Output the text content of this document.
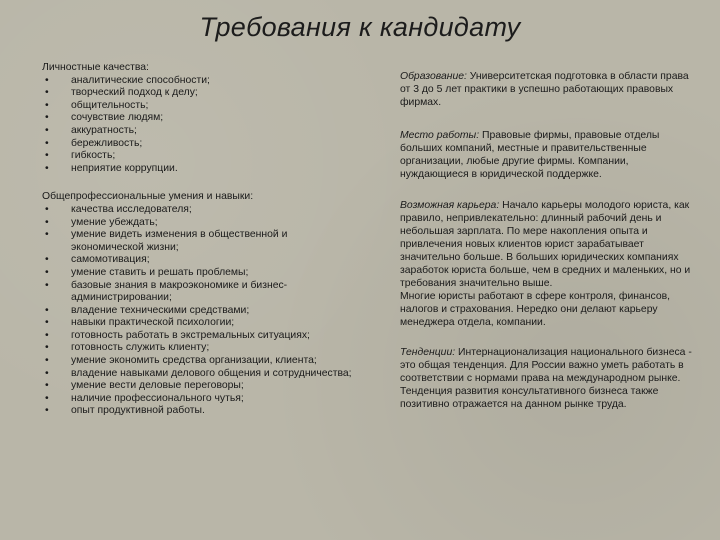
Требования к кандидату

Личностные качества:

• аналитические способности;
• творческий подход к делу;
• общительность;
• сочувствие людям;
• аккуратность;
• бережливость;
• гибкость;
• неприятие коррупции.

Общепрофессиональные умения и навыки:

• качества исследователя;
• умение убеждать;
• умение видеть изменения в общественной и экономической жизни;
• самомотивация;
• умение ставить и решать проблемы;
• базовые знания в макроэкономике и бизнес-администрировании;
• владение техническими средствами;
• навыки практической психологии;
• готовность работать в экстремальных ситуациях;
• готовность служить клиенту;
• умение экономить средства организации, клиента;
• владение навыками делового общения и сотрудничества;
• умение вести деловые переговоры;
• наличие профессионального чутья;
• опыт продуктивной работы.

Образование: Университетская подготовка в области права от 3 до 5 лет практики в успешно работающих правовых фирмах.

Место работы: Правовые фирмы, правовые отделы больших компаний, местные и правительственные организации, любые другие фирмы. Компании, нуждающиеся в юридической поддержке.

Возможная карьера: Начало карьеры молодого юриста, как правило, непривлекательно: длинный рабочий день и небольшая зарплата. По мере накопления опыта и привлечения новых клиентов юрист зарабатывает значительно больше. В больших юридических компаниях заработок юриста больше, чем в средних и маленьких, но и требования значительно выше.

Многие юристы работают в сфере контроля, финансов, налогов и страхования. Нередко они делают карьеру менеджера отдела, компании.

Тенденции: Интернационализация национального бизнеса - это общая тенденция. Для России важно уметь работать в соответствии с нормами права на международном рынке. Тенденция развития консультативного бизнеса также позитивно отражается на данном рынке труда.
